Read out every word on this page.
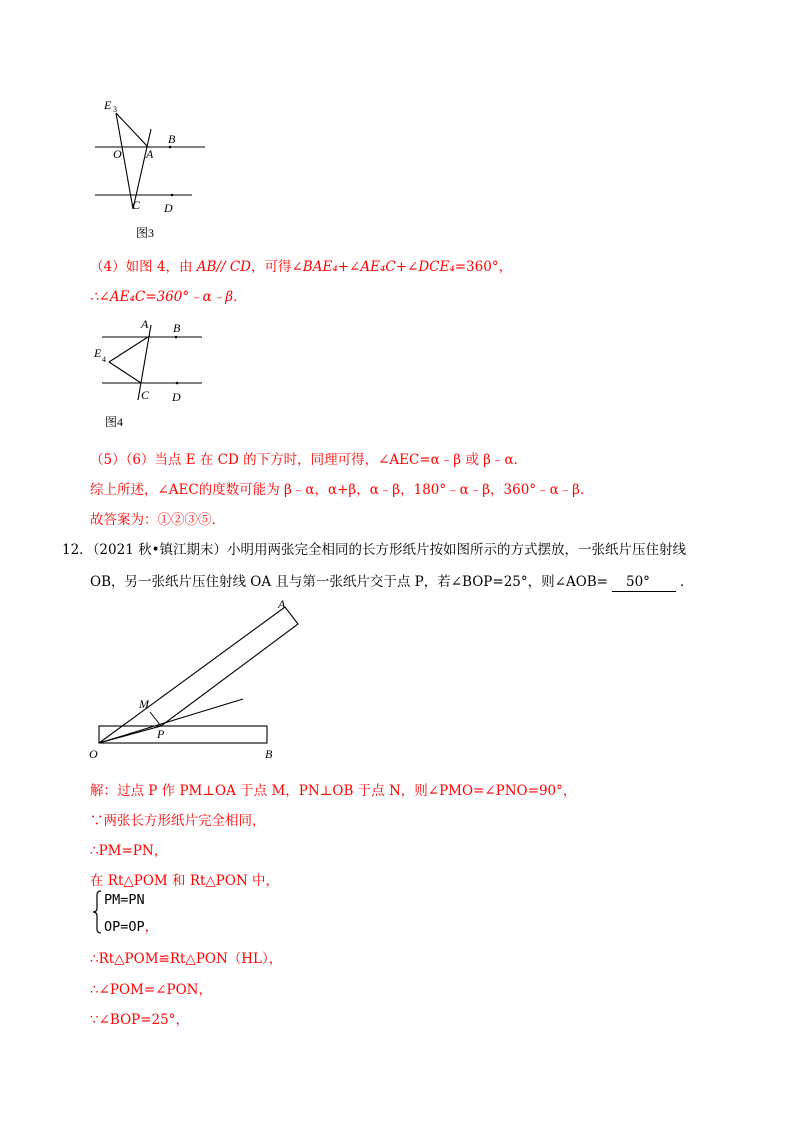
E 3
O A
B
C D
图3
（4）如图 4，由 AB// CD，可得∠BAE₄+∠AE₄C+∠DCE₄=360°，
∴∠AE₄C=360°﹣α﹣β．
A B
E 4
C D
图4
（5）（6）当点 E 在 CD 的下方时，同理可得，∠AEC=α﹣β 或 β﹣α．
综上所述，∠AEC的度数可能为 β﹣α，α+β，α﹣β，180°﹣α﹣β，360°﹣α﹣β．
故答案为：①②③⑤．
12．（2021 秋•镇江期末）小明用两张完全相同的长方形纸片按如图所示的方式摆放，一张纸片压住射线
OB，另一张纸片压住射线 OA 且与第一张纸片交于点 P，若∠BOP=25°，则∠AOB= 50° ．
A
M
P
O	B
解：过点 P 作 PM⊥OA 于点 M，PN⊥OB 于点 N，则∠PMO=∠PNO=90°，
∵两张长方形纸片完全相同，
∴PM=PN，
在 Rt△POM 和 Rt△PON 中，
PM=PN
OP=OP，
∴Rt△POM≌Rt△PON（HL），
∴∠POM=∠PON，
∵∠BOP=25°，
